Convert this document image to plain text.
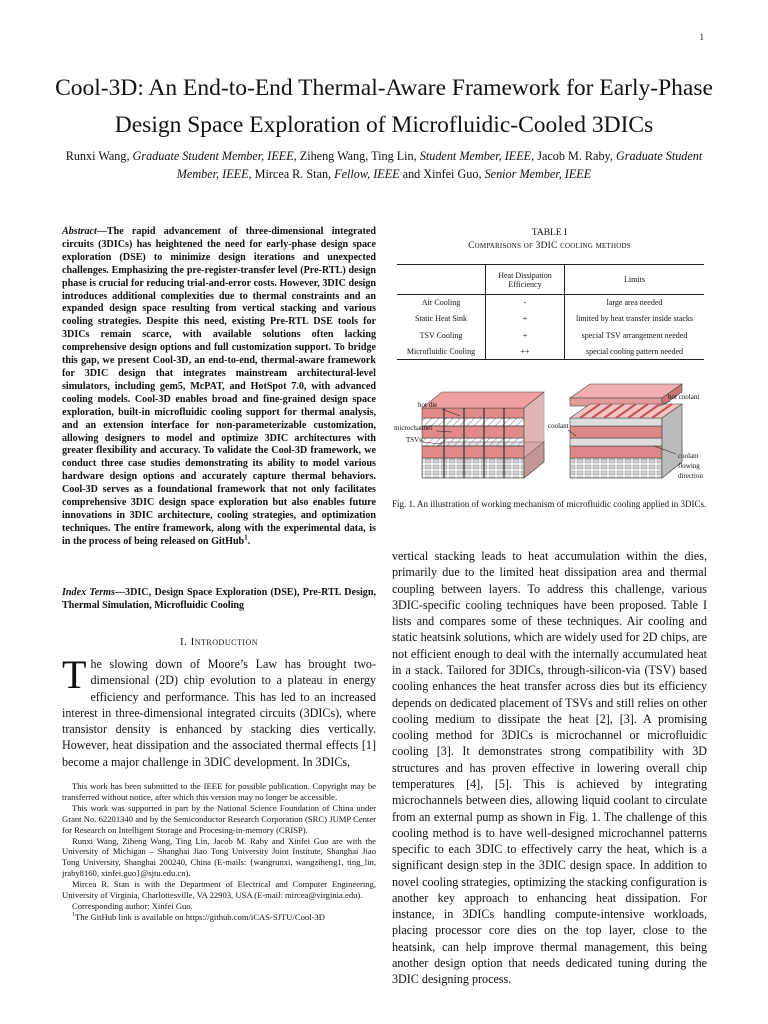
1
Cool-3D: An End-to-End Thermal-Aware Framework for Early-Phase Design Space Exploration of Microfluidic-Cooled 3DICs
Runxi Wang, Graduate Student Member, IEEE, Ziheng Wang, Ting Lin, Student Member, IEEE, Jacob M. Raby, Graduate Student Member, IEEE, Mircea R. Stan, Fellow, IEEE and Xinfei Guo, Senior Member, IEEE
Abstract—The rapid advancement of three-dimensional integrated circuits (3DICs) has heightened the need for early-phase design space exploration (DSE) to minimize design iterations and unexpected challenges. Emphasizing the pre-register-transfer level (Pre-RTL) design phase is crucial for reducing trial-and-error costs. However, 3DIC design introduces additional complexities due to thermal constraints and an expanded design space resulting from vertical stacking and various cooling strategies. Despite this need, existing Pre-RTL DSE tools for 3DICs remain scarce, with available solutions often lacking comprehensive design options and full customization support. To bridge this gap, we present Cool-3D, an end-to-end, thermal-aware framework for 3DIC design that integrates mainstream architectural-level simulators, including gem5, McPAT, and HotSpot 7.0, with advanced cooling models. Cool-3D enables broad and fine-grained design space exploration, built-in microfluidic cooling support for thermal analysis, and an extension interface for non-parameterizable customization, allowing designers to model and optimize 3DIC architectures with greater flexibility and accuracy. To validate the Cool-3D framework, we conduct three case studies demonstrating its ability to model various hardware design options and accurately capture thermal behaviors. Cool-3D serves as a foundational framework that not only facilitates comprehensive 3DIC design space exploration but also enables future innovations in 3DIC architecture, cooling strategies, and optimization techniques. The entire framework, along with the experimental data, is in the process of being released on GitHub$^1$.
Index Terms—3DIC, Design Space Exploration (DSE), Pre-RTL Design, Thermal Simulation, Microfluidic Cooling
I. Introduction
The slowing down of Moore’s Law has brought two-dimensional (2D) chip evolution to a plateau in energy efficiency and performance. This has led to an increased interest in three-dimensional integrated circuits (3DICs), where transistor density is enhanced by stacking dies vertically. However, heat dissipation and the associated thermal effects [1] become a major challenge in 3DIC development. In 3DICs,

This work has been submitted to the IEEE for possible publication. Copyright may be transferred without notice, after which this version may no longer be accessible.

This work was supported in part by the National Science Foundation of China under Grant No. 62201340 and by the Semiconductor Research Corporation (SRC) JUMP Center for Research on Intelligent Storage and Procesing-in-memory (CRISP).

Runxi Wang, Ziheng Wang, Ting Lin, Jacob M. Raby and Xinfei Guo are with the University of Michigan – Shanghai Jiao Tong University Joint Institute, Shanghai Jiao Tong University, Shanghai 200240, China (E-mails: {wangrunxi, wangziheng1, ting_lin, jraby8160, xinfei.guo}@sjtu.edu.cn).

Mircea R. Stan is with the Department of Electrical and Computer Engineering, University of Virginia, Charlottesville, VA 22903, USA (E-mail: mircea@virginia.edu).

Corresponding author: Xinfei Guo.

$^1$The GitHub link is available on https://github.com/iCAS-SJTU/Cool-3D

TABLE I
Comparisons of 3DIC cooling methods
	Heat Dissipation Efficiency	Limits
Air Cooling	-	large area needed
Static Heat Sink	+	limited by heat transfer inside stacks
TSV Cooling	+	special TSV arrangement needed
Microfluidic Cooling	++	special cooling pattern needed
hot die
microchannel
TSVs
coolant
hot coolant
coolant
flowing
direction
Fig. 1. An illustration of working mechanism of microfluidic cooling applied in 3DICs.
vertical stacking leads to heat accumulation within the dies, primarily due to the limited heat dissipation area and thermal coupling between layers. To address this challenge, various 3DIC-specific cooling techniques have been proposed. Table I lists and compares some of these techniques. Air cooling and static heatsink solutions, which are widely used for 2D chips, are not efficient enough to deal with the internally accumulated heat in a stack. Tailored for 3DICs, through-silicon-via (TSV) based cooling enhances the heat transfer across dies but its efficiency depends on dedicated placement of TSVs and still relies on other cooling medium to dissipate the heat [2], [3]. A promising cooling method for 3DICs is microchannel or microfluidic cooling [3]. It demonstrates strong compatibility with 3D structures and has proven effective in lowering overall chip temperatures [4], [5]. This is achieved by integrating microchannels between dies, allowing liquid coolant to circulate from an external pump as shown in Fig. 1. The challenge of this cooling method is to have well-designed microchannel patterns specific to each 3DIC to effectively carry the heat, which is a significant design step in the 3DIC design space. In addition to novel cooling strategies, optimizing the stacking configuration is another key approach to enhancing heat dissipation. For instance, in 3DICs handling compute-intensive workloads, placing processor core dies on the top layer, close to the heatsink, can help improve thermal management, this being another design option that needs dedicated tuning during the 3DIC designing process.
